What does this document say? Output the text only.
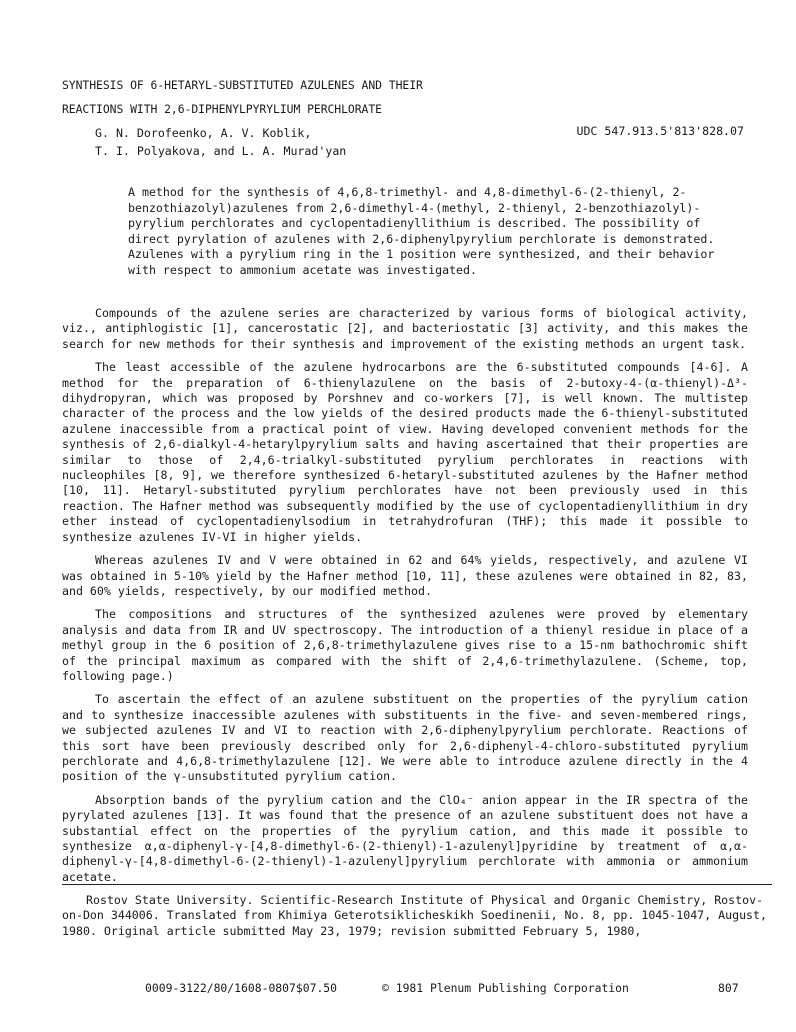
SYNTHESIS OF 6-HETARYL-SUBSTITUTED AZULENES AND THEIR
REACTIONS WITH 2,6-DIPHENYLPYRYLIUM PERCHLORATE
G. N. Dorofeenko, A. V. Koblik,
T. I. Polyakova, and L. A. Murad'yan
UDC 547.913.5'813'828.07
A method for the synthesis of 4,6,8-trimethyl- and 4,8-dimethyl-6-(2-thienyl, 2-benzothiazolyl)azulenes from 2,6-dimethyl-4-(methyl, 2-thienyl, 2-benzothiazolyl)-pyrylium perchlorates and cyclopentadienyllithium is described. The possibility of direct pyrylation of azulenes with 2,6-diphenylpyrylium perchlorate is demonstrated. Azulenes with a pyrylium ring in the 1 position were synthesized, and their behavior with respect to ammonium acetate was investigated.

Compounds of the azulene series are characterized by various forms of biological activity, viz., antiphlogistic [1], cancerostatic [2], and bacteriostatic [3] activity, and this makes the search for new methods for their synthesis and improvement of the existing methods an urgent task.

The least accessible of the azulene hydrocarbons are the 6-substituted compounds [4-6]. A method for the preparation of 6-thienylazulene on the basis of 2-butoxy-4-(α-thienyl)-Δ³-dihydropyran, which was proposed by Porshnev and co-workers [7], is well known. The multistep character of the process and the low yields of the desired products made the 6-thienyl-substituted azulene inaccessible from a practical point of view. Having developed convenient methods for the synthesis of 2,6-dialkyl-4-hetarylpyrylium salts and having ascertained that their properties are similar to those of 2,4,6-trialkyl-substituted pyrylium perchlorates in reactions with nucleophiles [8, 9], we therefore synthesized 6-hetaryl-substituted azulenes by the Hafner method [10, 11]. Hetaryl-substituted pyrylium perchlorates have not been previously used in this reaction. The Hafner method was subsequently modified by the use of cyclopentadienyllithium in dry ether instead of cyclopentadienylsodium in tetrahydrofuran (THF); this made it possible to synthesize azulenes IV-VI in higher yields.

Whereas azulenes IV and V were obtained in 62 and 64% yields, respectively, and azulene VI was obtained in 5-10% yield by the Hafner method [10, 11], these azulenes were obtained in 82, 83, and 60% yields, respectively, by our modified method.

The compositions and structures of the synthesized azulenes were proved by elementary analysis and data from IR and UV spectroscopy. The introduction of a thienyl residue in place of a methyl group in the 6 position of 2,6,8-trimethylazulene gives rise to a 15-nm bathochromic shift of the principal maximum as compared with the shift of 2,4,6-trimethylazulene. (Scheme, top, following page.)

To ascertain the effect of an azulene substituent on the properties of the pyrylium cation and to synthesize inaccessible azulenes with substituents in the five- and seven-membered rings, we subjected azulenes IV and VI to reaction with 2,6-diphenylpyrylium perchlorate. Reactions of this sort have been previously described only for 2,6-diphenyl-4-chloro-substituted pyrylium perchlorate and 4,6,8-trimethylazulene [12]. We were able to introduce azulene directly in the 4 position of the γ-unsubstituted pyrylium cation.

Absorption bands of the pyrylium cation and the ClO₄⁻ anion appear in the IR spectra of the pyrylated azulenes [13]. It was found that the presence of an azulene substituent does not have a substantial effect on the properties of the pyrylium cation, and this made it possible to synthesize α,α-diphenyl-γ-[4,8-dimethyl-6-(2-thienyl)-1-azulenyl]pyridine by treatment of α,α-diphenyl-γ-[4,8-dimethyl-6-(2-thienyl)-1-azulenyl]pyrylium perchlorate with ammonia or ammonium acetate.

Rostov State University. Scientific-Research Institute of Physical and Organic Chemistry, Rostov-on-Don 344006. Translated from Khimiya Geterotsiklicheskikh Soedinenii, No. 8, pp. 1045-1047, August, 1980. Original article submitted May 23, 1979; revision submitted February 5, 1980,
0009-3122/80/1608-0807$07.50	© 1981 Plenum Publishing Corporation	807
